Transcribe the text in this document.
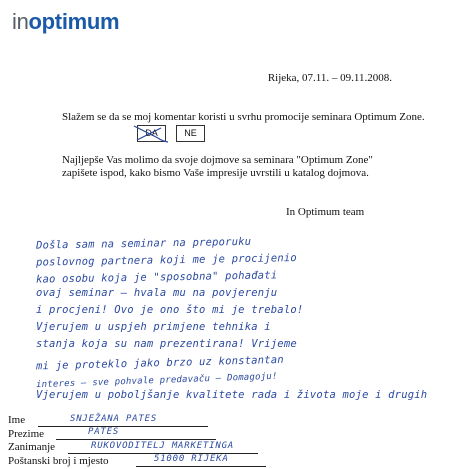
inoptimum
Rijeka, 07.11. – 09.11.2008.
Slažem se da se moj komentar koristi u svrhu promocije seminara Optimum Zone.
DA	NE
Najljepše Vas molimo da svoje dojmove sa seminara "Optimum Zone" zapišete ispod, kako bismo Vaše impresije uvrstili u katalog dojmova.
In Optimum team
Došla sam na seminar na preporuku
poslovnog partnera koji me je procijenio
kao osobu koja je "sposobna" pohađati
ovaj seminar – hvala mu na povjerenju
i procjeni! Ovo je ono što mi je trebalo!
Vjerujem u uspjeh primjene tehnika i
stanja koja su nam prezentirana! Vrijeme
mi je proteklo jako brzo uz konstantan
interes – sve pohvale predavaču – Domagoju!
Vjerujem u poboljšanje kvalitete rada i života moje i drugih
Ime	SNJEŽANA PATES
Prezime	PATES
Zanimanje	RUKOVODITELJ MARKETINGA
Poštanski broj i mjesto	51000 RIJEKA
